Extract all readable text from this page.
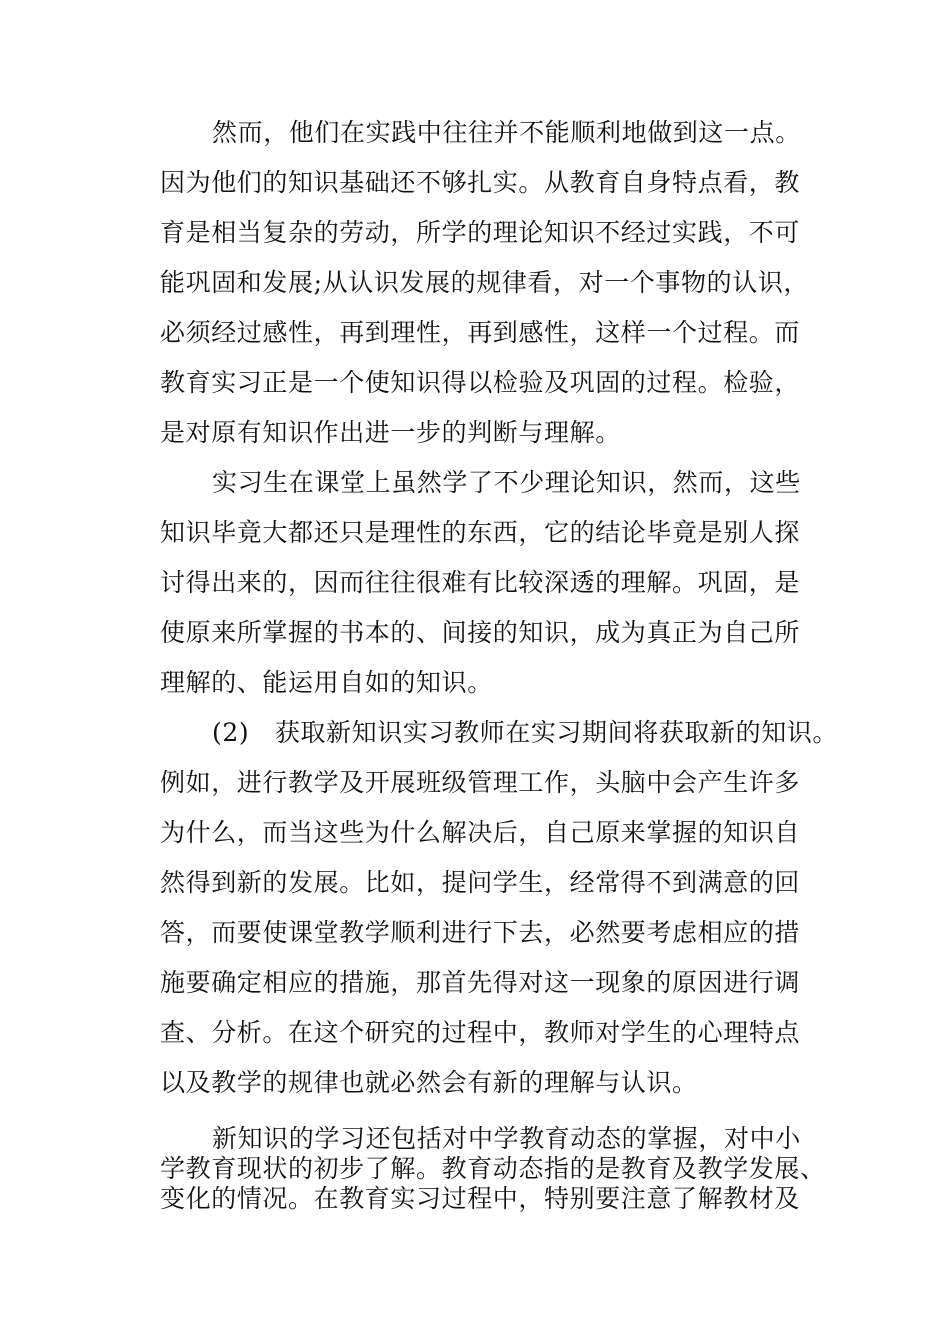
然而，他们在实践中往往并不能顺利地做到这一点。
因为他们的知识基础还不够扎实。从教育自身特点看，教
育是相当复杂的劳动，所学的理论知识不经过实践，不可
能巩固和发展;从认识发展的规律看，对一个事物的认识，
必须经过感性，再到理性，再到感性，这样一个过程。而
教育实习正是一个使知识得以检验及巩固的过程。检验，
是对原有知识作出进一步的判断与理解。
实习生在课堂上虽然学了不少理论知识，然而，这些
知识毕竟大都还只是理性的东西，它的结论毕竟是别人探
讨得出来的，因而往往很难有比较深透的理解。巩固，是
使原来所掌握的书本的、间接的知识，成为真正为自己所
理解的、能运用自如的知识。
(2)　获取新知识实习教师在实习期间将获取新的知识。
例如，进行教学及开展班级管理工作，头脑中会产生许多
为什么，而当这些为什么解决后，自己原来掌握的知识自
然得到新的发展。比如，提问学生，经常得不到满意的回
答，而要使课堂教学顺利进行下去，必然要考虑相应的措
施要确定相应的措施，那首先得对这一现象的原因进行调
查、分析。在这个研究的过程中，教师对学生的心理特点
以及教学的规律也就必然会有新的理解与认识。
新知识的学习还包括对中学教育动态的掌握，对中小
学教育现状的初步了解。教育动态指的是教育及教学发展、
变化的情况。在教育实习过程中，特别要注意了解教材及
